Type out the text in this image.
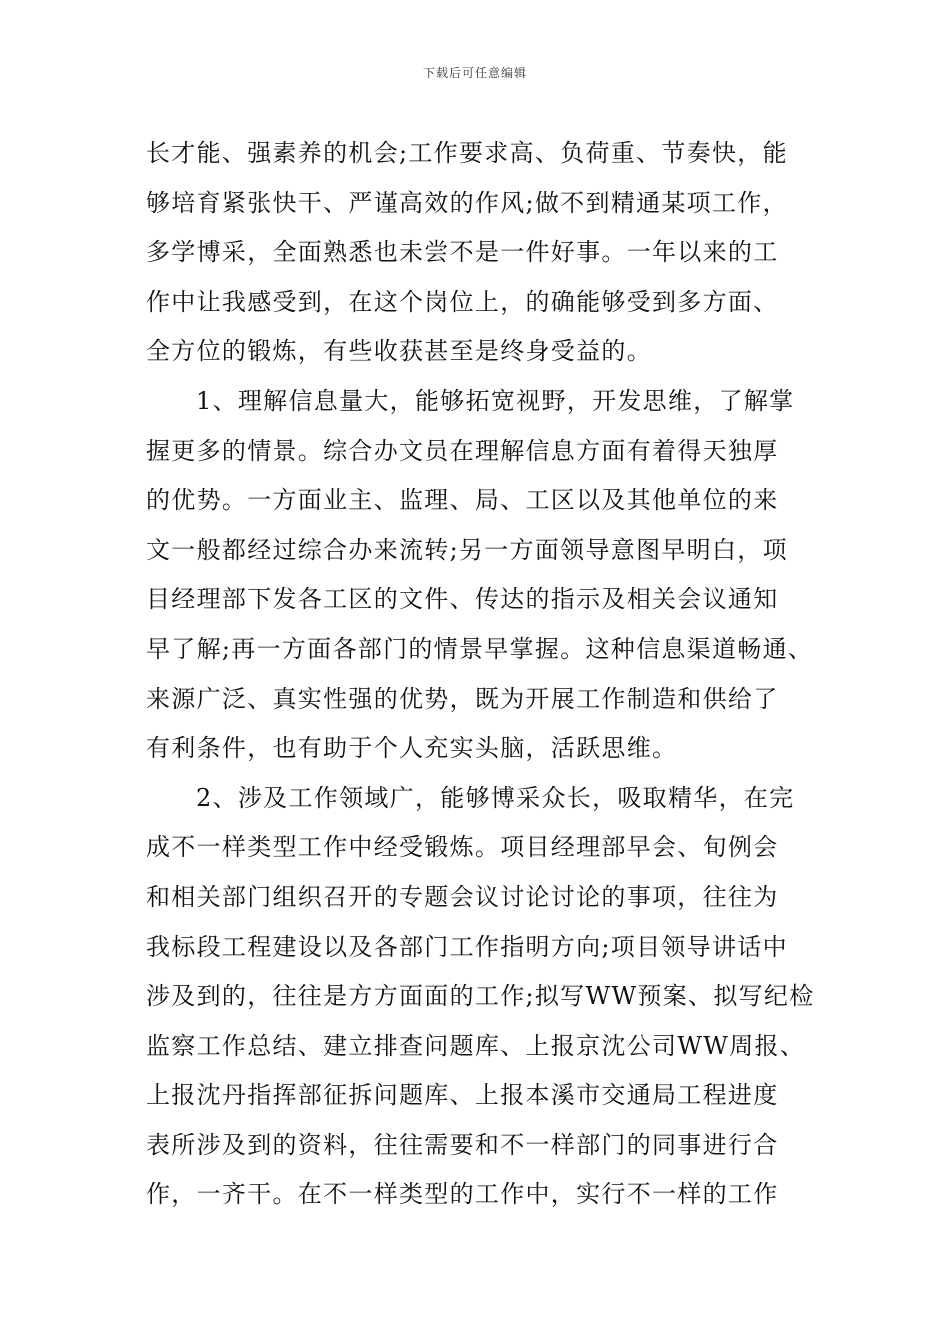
下载后可任意编辑
长才能、强素养的机会;工作要求高、负荷重、节奏快，能
够培育紧张快干、严谨高效的作风;做不到精通某项工作，
多学博采，全面熟悉也未尝不是一件好事。一年以来的工
作中让我感受到，在这个岗位上，的确能够受到多方面、
全方位的锻炼，有些收获甚至是终身受益的。
1、理解信息量大，能够拓宽视野，开发思维，了解掌
握更多的情景。综合办文员在理解信息方面有着得天独厚
的优势。一方面业主、监理、局、工区以及其他单位的来
文一般都经过综合办来流转;另一方面领导意图早明白，项
目经理部下发各工区的文件、传达的指示及相关会议通知
早了解;再一方面各部门的情景早掌握。这种信息渠道畅通、
来源广泛、真实性强的优势，既为开展工作制造和供给了
有利条件，也有助于个人充实头脑，活跃思维。
2、涉及工作领域广，能够博采众长，吸取精华，在完
成不一样类型工作中经受锻炼。项目经理部早会、旬例会
和相关部门组织召开的专题会议讨论讨论的事项，往往为
我标段工程建设以及各部门工作指明方向;项目领导讲话中
涉及到的，往往是方方面面的工作;拟写WW预案、拟写纪检
监察工作总结、建立排查问题库、上报京沈公司WW周报、
上报沈丹指挥部征拆问题库、上报本溪市交通局工程进度
表所涉及到的资料，往往需要和不一样部门的同事进行合
作，一齐干。在不一样类型的工作中，实行不一样的工作
